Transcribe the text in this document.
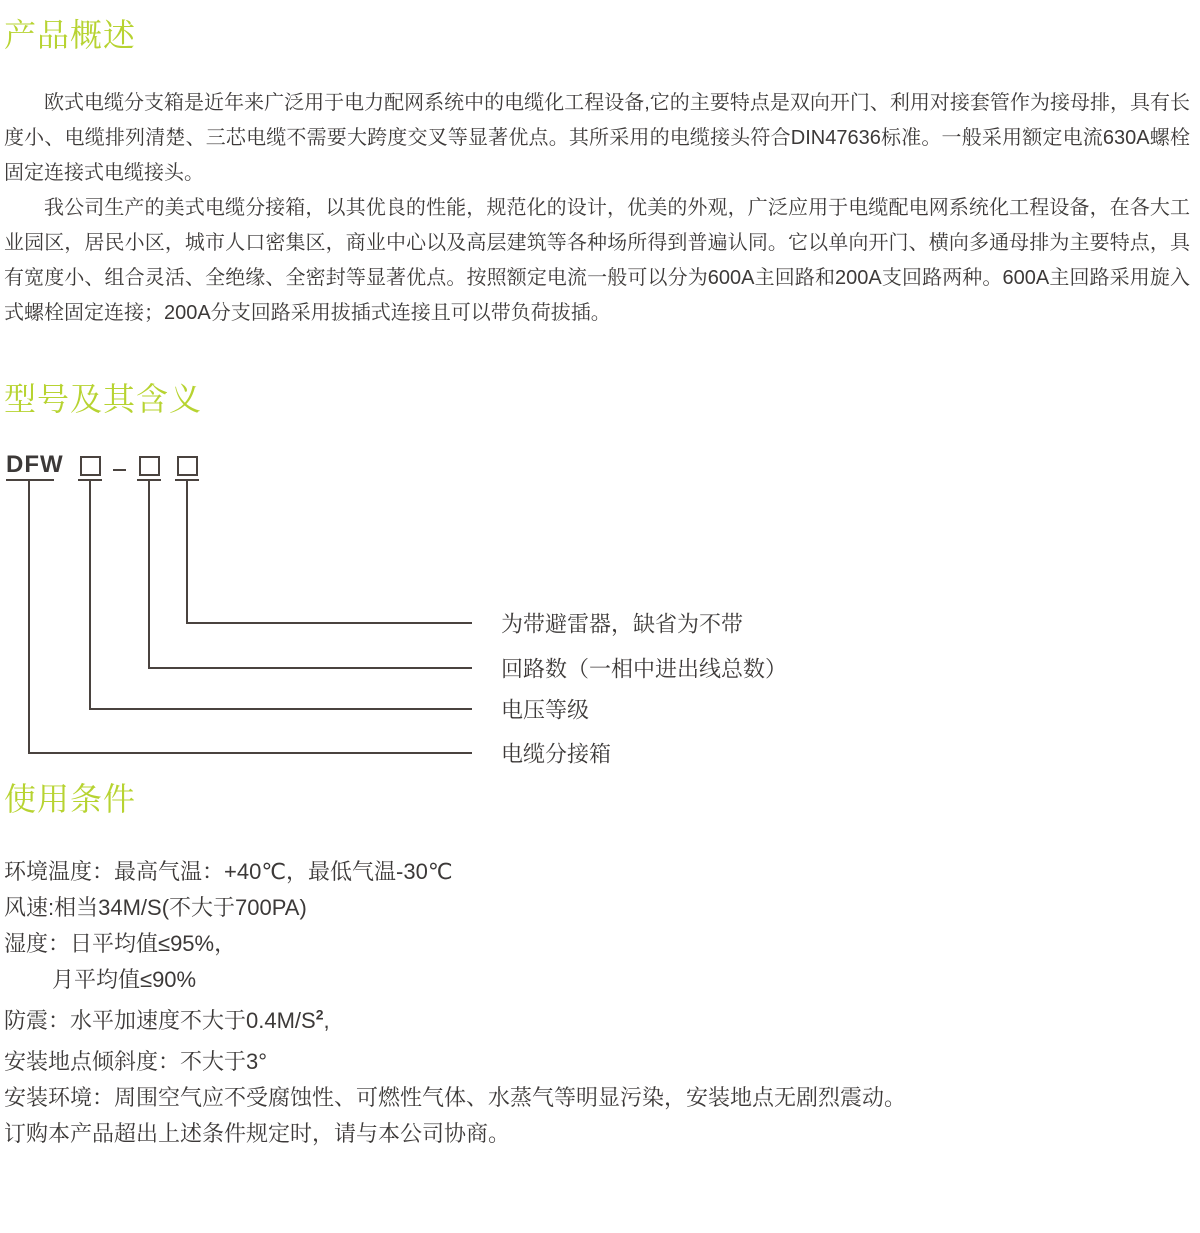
产品概述

欧式电缆分支箱是近年来广泛用于电力配网系统中的电缆化工程设备,它的主要特点是双向开门、利用对接套管作为接母排，具有长度小、电缆排列清楚、三芯电缆不需要大跨度交叉等显著优点。其所采用的电缆接头符合DIN47636标准。一般采用额定电流630A螺栓固定连接式电缆接头。

我公司生产的美式电缆分接箱，以其优良的性能，规范化的设计，优美的外观，广泛应用于电缆配电网系统化工程设备，在各大工业园区，居民小区，城市人口密集区，商业中心以及高层建筑等各种场所得到普遍认同。它以单向开门、横向多通母排为主要特点，具有宽度小、组合灵活、全绝缘、全密封等显著优点。按照额定电流一般可以分为600A主回路和200A支回路两种。600A主回路采用旋入式螺栓固定连接；200A分支回路采用拔插式连接且可以带负荷拔插。

型号及其含义
DFW
为带避雷器，缺省为不带
回路数（一相中进出线总数）
电压等级
电缆分接箱
使用条件
环境温度：最高气温：+40℃，最低气温-30℃
风速:相当34M/S(不大于700PA)
湿度：日平均值≤95%，
月平均值≤90%
防震：水平加速度不大于$0.4M/S^2$,
安装地点倾斜度：不大于3°
安装环境：周围空气应不受腐蚀性、可燃性气体、水蒸气等明显污染，安装地点无剧烈震动。
订购本产品超出上述条件规定时，请与本公司协商。
